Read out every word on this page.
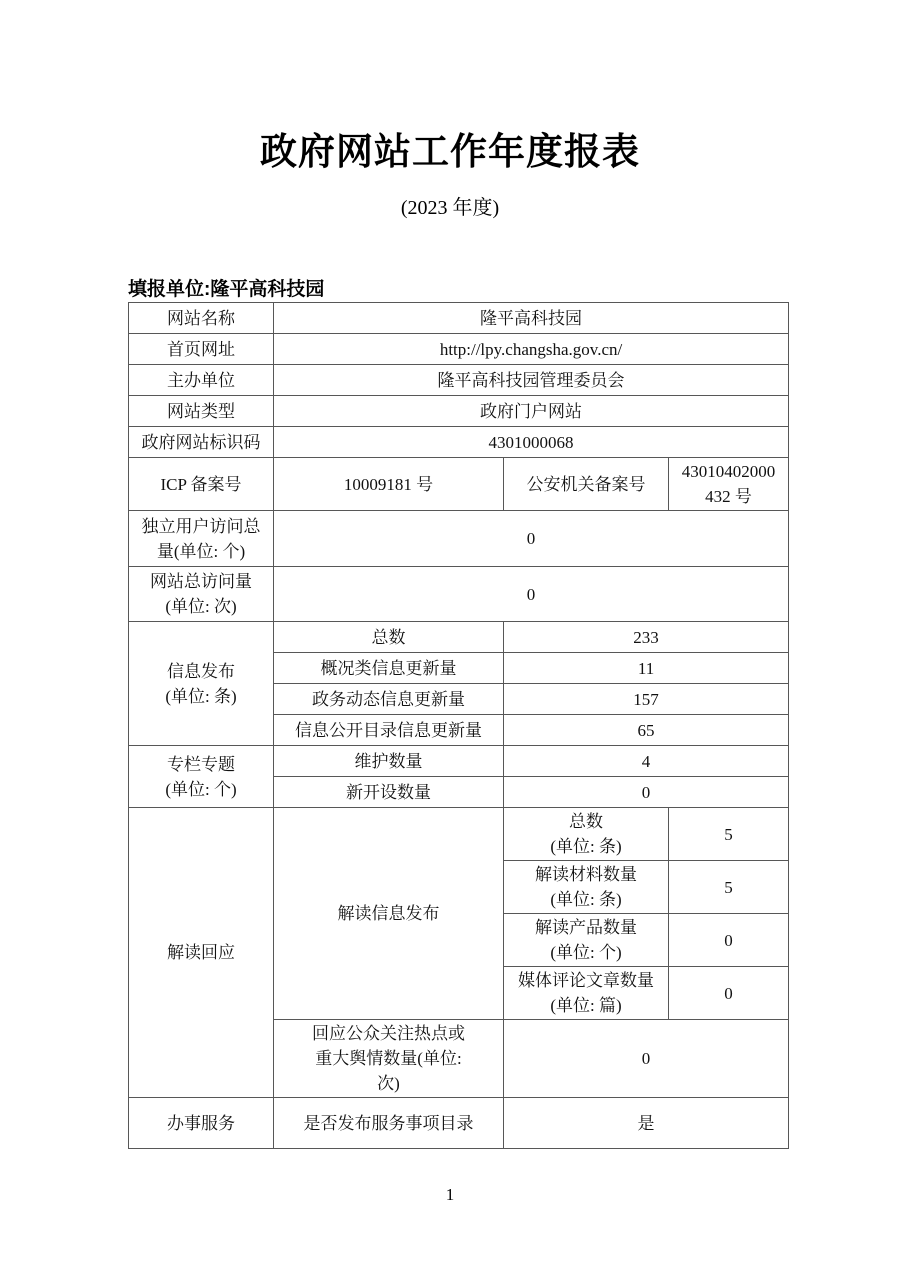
政府网站工作年度报表
(2023 年度)
填报单位:隆平高科技园
网站名称	隆平高科技园		
首页网址	http://lpy.changsha.gov.cn/		
主办单位	隆平高科技园管理委员会		
网站类型	政府门户网站		
政府网站标识码	4301000068		
ICP 备案号	10009181 号	公安机关备案号	43010402000
432 号
独立用户访问总
量(单位: 个)	0		
网站总访问量
(单位: 次)	0		
信息发布
(单位: 条)	总数	233	
	概况类信息更新量	11	
	政务动态信息更新量	157	
	信息公开目录信息更新量	65	
专栏专题
(单位: 个)	维护数量	4	
	新开设数量	0	
解读回应	解读信息发布	总数
(单位: 条)	5
		解读材料数量
(单位: 条)	5
		解读产品数量
(单位: 个)	0
		媒体评论文章数量
(单位: 篇)	0
	回应公众关注热点或
重大舆情数量(单位:
次)	0	
办事服务	是否发布服务事项目录	是	
1
